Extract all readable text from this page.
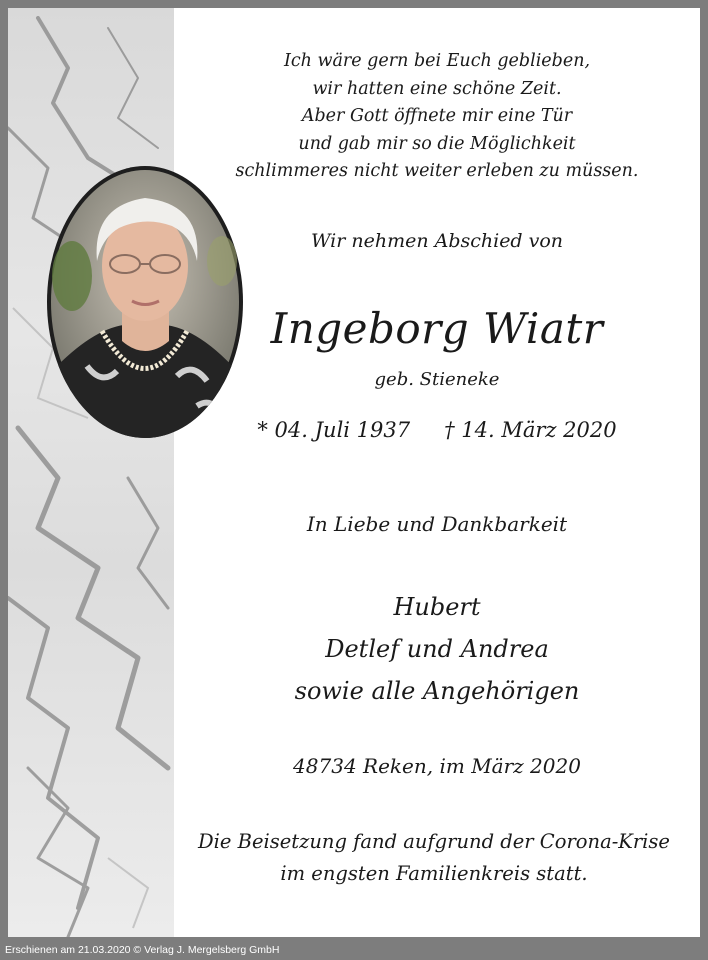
Ich wäre gern bei Euch geblieben,
wir hatten eine schöne Zeit.
Aber Gott öffnete mir eine Tür
und gab mir so die Möglichkeit
schlimmeres nicht weiter erleben zu müssen.
Wir nehmen Abschied von
Ingeborg Wiatr
geb. Stieneke
* 04. Juli 1937 † 14. März 2020
In Liebe und Dankbarkeit
Hubert
Detlef und Andrea
sowie alle Angehörigen
48734 Reken, im März 2020
Die Beisetzung fand aufgrund der Corona-Krise
im engsten Familienkreis statt.
Erschienen am 21.03.2020 © Verlag J. Mergelsberg GmbH
